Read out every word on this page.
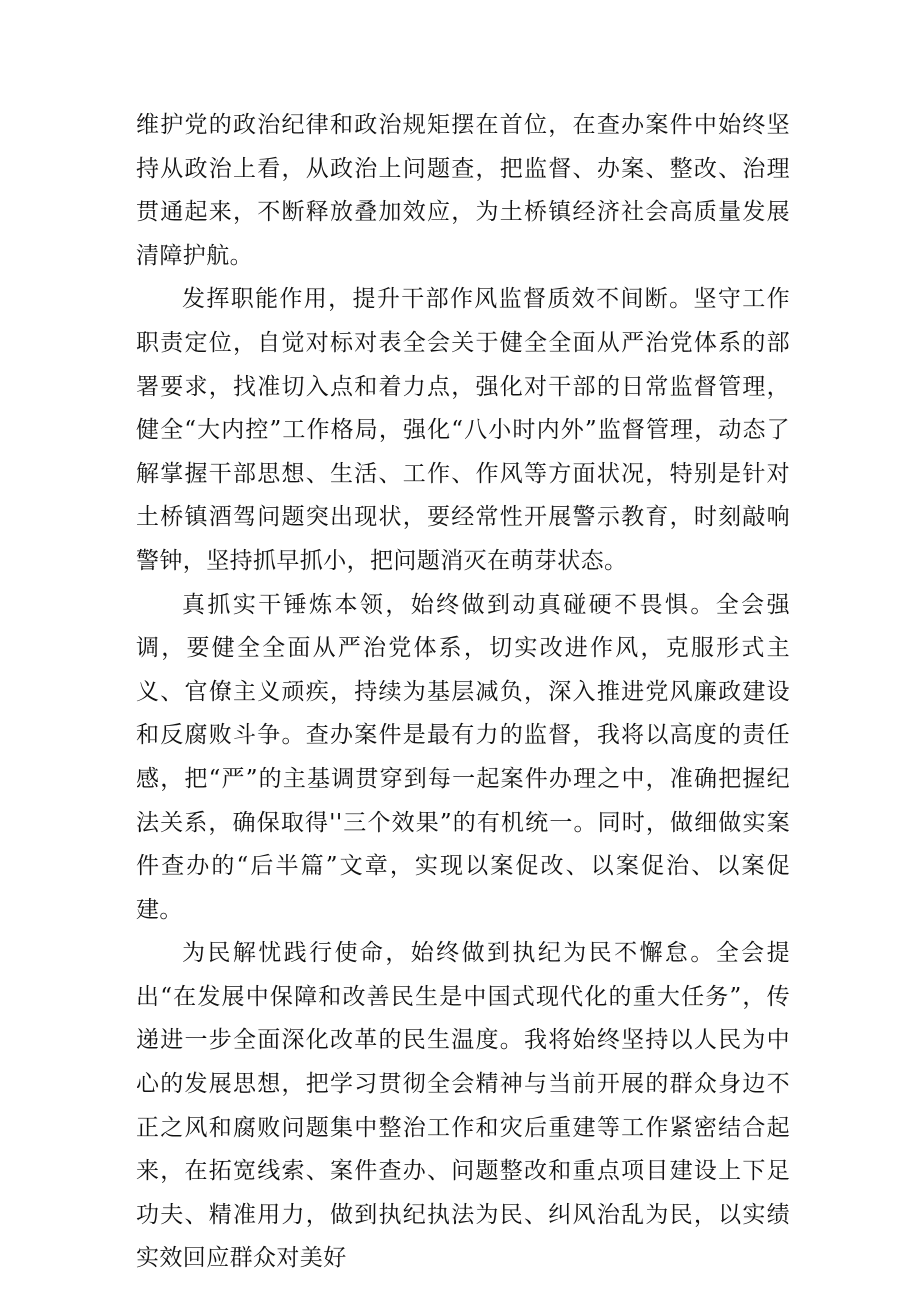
维护党的政治纪律和政治规矩摆在首位，在查办案件中始终坚持从政治上看，从政治上问题查，把监督、办案、整改、治理贯通起来，不断释放叠加效应，为土桥镇经济社会高质量发展清障护航。

发挥职能作用，提升干部作风监督质效不间断。坚守工作职责定位，自觉对标对表全会关于健全全面从严治党体系的部署要求，找准切入点和着力点，强化对干部的日常监督管理，健全“大内控”工作格局，强化“八小时内外”监督管理，动态了解掌握干部思想、生活、工作、作风等方面状况，特别是针对土桥镇酒驾问题突出现状，要经常性开展警示教育，时刻敲响警钟，坚持抓早抓小，把问题消灭在萌芽状态。

真抓实干锤炼本领，始终做到动真碰硬不畏惧。全会强调，要健全全面从严治党体系，切实改进作风，克服形式主义、官僚主义顽疾，持续为基层减负，深入推进党风廉政建设和反腐败斗争。查办案件是最有力的监督，我将以高度的责任感，把“严”的主基调贯穿到每一起案件办理之中，准确把握纪法关系，确保取得''三个效果”的有机统一。同时，做细做实案件查办的“后半篇”文章，实现以案促改、以案促治、以案促建。

为民解忧践行使命，始终做到执纪为民不懈怠。全会提出“在发展中保障和改善民生是中国式现代化的重大任务”，传递进一步全面深化改革的民生温度。我将始终坚持以人民为中心的发展思想，把学习贯彻全会精神与当前开展的群众身边不正之风和腐败问题集中整治工作和灾后重建等工作紧密结合起来，在拓宽线索、案件查办、问题整改和重点项目建设上下足功夫、精准用力，做到执纪执法为民、纠风治乱为民，以实绩实效回应群众对美好
